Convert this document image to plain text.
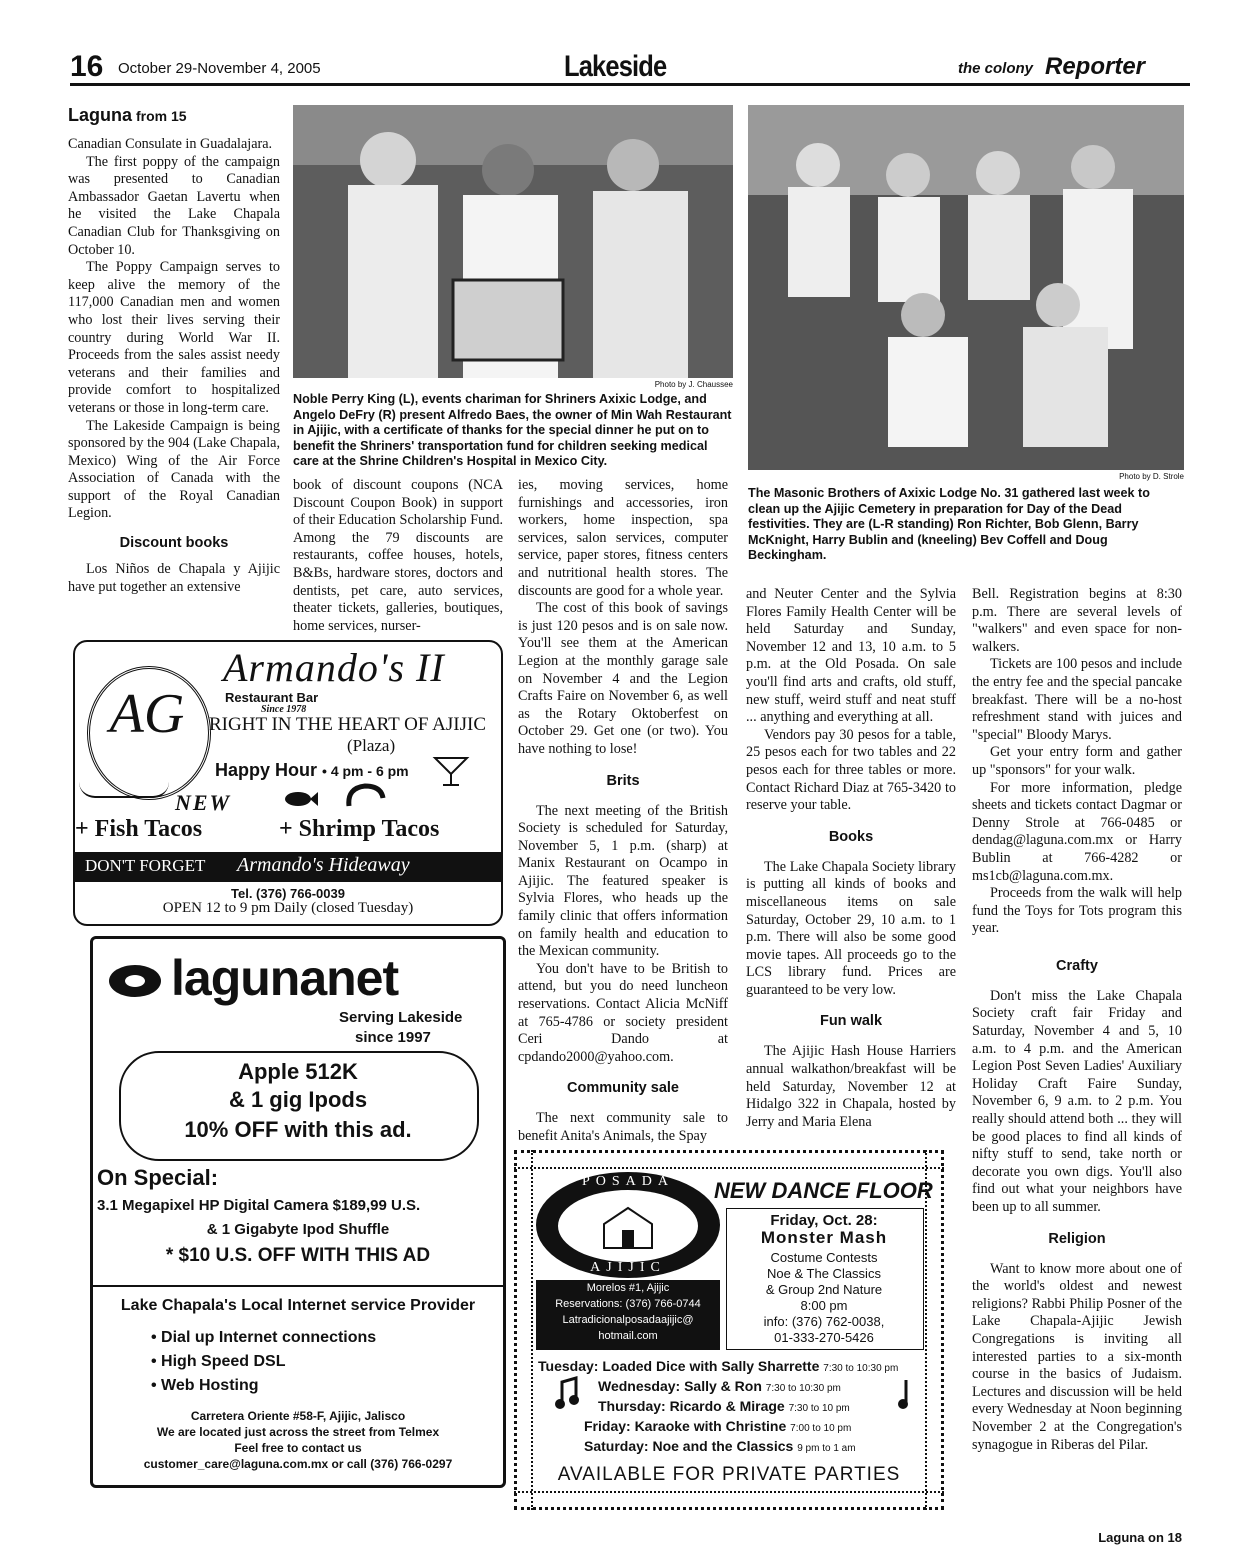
16 October 29-November 4, 2005	Lakeside	the colony Reporter
Laguna from 15

Canadian Consulate in Guadalajara.

The first poppy of the campaign was presented to Canadian Ambassador Gaetan Lavertu when he visited the Lake Chapala Canadian Club for Thanksgiving on October 10.

The Poppy Campaign serves to keep alive the memory of the 117,000 Canadian men and women who lost their lives serving their country during World War II. Proceeds from the sales assist needy veterans and their families and provide comfort to hospitalized veterans or those in long-term care.

The Lakeside Campaign is being sponsored by the 904 (Lake Chapala, Mexico) Wing of the Air Force Association of Canada with the support of the Royal Canadian Legion.

Discount books

Los Niños de Chapala y Ajijic have put together an extensive

Photo by J. Chaussee
Noble Perry King (L), events chariman for Shriners Axixic Lodge, and Angelo DeFry (R) present Alfredo Baes, the owner of Min Wah Restaurant in Ajijic, with a certificate of thanks for the special dinner he put on to benefit the Shriners' transportation fund for children seeking medical care at the Shrine Children's Hospital in Mexico City.
Photo by D. Strole
The Masonic Brothers of Axixic Lodge No. 31 gathered last week to clean up the Ajijic Cemetery in preparation for Day of the Dead festivities. They are (L-R standing) Ron Richter, Bob Glenn, Barry McKnight, Harry Bublin and (kneeling) Bev Coffell and Doug Beckingham.

book of discount coupons (NCA Discount Coupon Book) in support of their Education Scholarship Fund. Among the 79 discounts are restaurants, coffee houses, hotels, B&Bs, hardware stores, doctors and dentists, pet care, auto services, theater tickets, galleries, boutiques, home services, nurser-

ies, moving services, home furnishings and accessories, iron workers, home inspection, spa services, salon services, computer service, paper stores, fitness centers and nutritional health stores. The discounts are good for a whole year.

The cost of this book of savings is just 120 pesos and is on sale now. You'll see them at the American Legion at the monthly garage sale on November 4 and the Legion Crafts Faire on November 6, as well as the Rotary Oktoberfest on October 29. Get one (or two). You have nothing to lose!

Brits

The next meeting of the British Society is scheduled for Saturday, November 5, 1 p.m. (sharp) at Manix Restaurant on Ocampo in Ajijic. The featured speaker is Sylvia Flores, who heads up the family clinic that offers information on family health and education to the Mexican community.

You don't have to be British to attend, but you do need luncheon reservations. Contact Alicia McNiff at 765-4786 or society president Ceri Dando at cpdando2000@yahoo.com.

Community sale

The next community sale to benefit Anita's Animals, the Spay

and Neuter Center and the Sylvia Flores Family Health Center will be held Saturday and Sunday, November 12 and 13, 10 a.m. to 5 p.m. at the Old Posada. On sale you'll find arts and crafts, old stuff, new stuff, weird stuff and neat stuff ... anything and everything at all.

Vendors pay 30 pesos for a table, 25 pesos each for two tables and 22 pesos each for three tables or more. Contact Richard Diaz at 765-3420 to reserve your table.

Books

The Lake Chapala Society library is putting all kinds of books and miscellaneous items on sale Saturday, October 29, 10 a.m. to 1 p.m. There will also be some good movie tapes. All proceeds go to the LCS library fund. Prices are guaranteed to be very low.

Fun walk

The Ajijic Hash House Harriers annual walkathon/breakfast will be held Saturday, November 12 at Hidalgo 322 in Chapala, hosted by Jerry and Maria Elena

Bell. Registration begins at 8:30 p.m. There are several levels of "walkers" and even space for non-walkers.

Tickets are 100 pesos and include the entry fee and the special pancake breakfast. There will be a no-host refreshment stand with juices and "special" Bloody Marys.

Get your entry form and gather up "sponsors" for your walk.

For more information, pledge sheets and tickets contact Dagmar or Denny Strole at 766-0485 or dendag@laguna.com.mx or Harry Bublin at 766-4282 or ms1cb@laguna.com.mx.

Proceeds from the walk will help fund the Toys for Tots program this year.

Crafty

Don't miss the Lake Chapala Society craft fair Friday and Saturday, November 4 and 5, 10 a.m. to 4 p.m. and the American Legion Post Seven Ladies' Auxiliary Holiday Craft Faire Sunday, November 6, 9 a.m. to 2 p.m. You really should attend both ... they will be good places to find all kinds of nifty stuff to send, take north or decorate you own digs. You'll also find out what your neighbors have been up to all summer.

Religion

Want to know more about one of the world's oldest and newest religions? Rabbi Philip Posner of the Lake Chapala-Ajijic Jewish Congregations is inviting all interested parties to a six-month course in the basics of Judaism. Lectures and discussion will be held every Wednesday at Noon beginning November 2 at the Congregation's synagogue in Riberas del Pilar.

Laguna on 18
AG
Armando's II
Restaurant Bar
Since 1978
RIGHT IN THE HEART OF AJIJIC
(Plaza)
Happy Hour • 4 pm - 6 pm
NEW
+ Fish Tacos	+ Shrimp Tacos
DON'T FORGET Armando's Hideaway
Tel. (376) 766-0039
OPEN 12 to 9 pm Daily (closed Tuesday)
lagunanet
Serving Lakeside
since 1997
Apple 512K
& 1 gig Ipods
10% OFF with this ad.
On Special:
3.1 Megapixel HP Digital Camera $189,99 U.S.
& 1 Gigabyte Ipod Shuffle
* $10 U.S. OFF WITH THIS AD
Lake Chapala's Local Internet service Provider
• Dial up Internet connections
• High Speed DSL
• Web Hosting
Carretera Oriente #58-F, Ajijic, Jalisco
We are located just across the street from Telmex
Feel free to contact us
customer_care@laguna.com.mx or call (376) 766-0297
POSADA
AJIJIC
Morelos #1, Ajijic
Reservations: (376) 766-0744
Latradicionalposadaajijic@
hotmail.com
NEW DANCE FLOOR
Friday, Oct. 28:
Monster Mash
Costume Contests
Noe & The Classics
& Group 2nd Nature
8:00 pm
info: (376) 762-0038,
01-333-270-5426
Tuesday: Loaded Dice with Sally Sharrette 7:30 to 10:30 pm
Wednesday: Sally & Ron 7:30 to 10:30 pm
Thursday: Ricardo & Mirage 7:30 to 10 pm
Friday: Karaoke with Christine 7:00 to 10 pm
Saturday: Noe and the Classics 9 pm to 1 am
AVAILABLE FOR PRIVATE PARTIES
